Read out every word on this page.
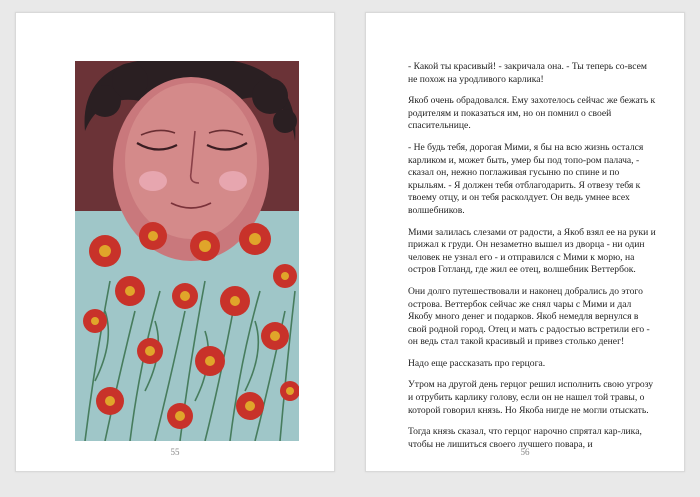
55

- Какой ты красивый! - закричала она. - Ты теперь со-всем не похож на уродливого карлика!

Якоб очень обрадовался. Ему захотелось сейчас же бежать к родителям и показаться им, но он помнил о своей спасительнице.

- Не будь тебя, дорогая Мими, я бы на всю жизнь остался карликом и, может быть, умер бы под топо-ром палача, - сказал он, нежно поглаживая гусыню по спине и по крыльям. - Я должен тебя отблагодарить. Я отвезу тебя к твоему отцу, и он тебя расколдует. Он ведь умнее всех волшебников.

Мими залилась слезами от радости, а Якоб взял ее на руки и прижал к груди. Он незаметно вышел из дворца - ни один человек не узнал его - и отправился с Мими к морю, на остров Готланд, где жил ее отец, волшебник Веттербок.

Они долго путешествовали и наконец добрались до этого острова. Веттербок сейчас же снял чары с Мими и дал Якобу много денег и подарков. Якоб немедля вернулся в свой родной город. Отец и мать с радостью встретили его - он ведь стал такой красивый и привез столько денег!

Надо еще рассказать про герцога.

Утром на другой день герцог решил исполнить свою угрозу и отрубить карлику голову, если он не нашел той травы, о которой говорил князь. Но Якоба нигде не могли отыскать.

Тогда князь сказал, что герцог нарочно спрятал кар-лика, чтобы не лишиться своего лучшего повара, и

56
